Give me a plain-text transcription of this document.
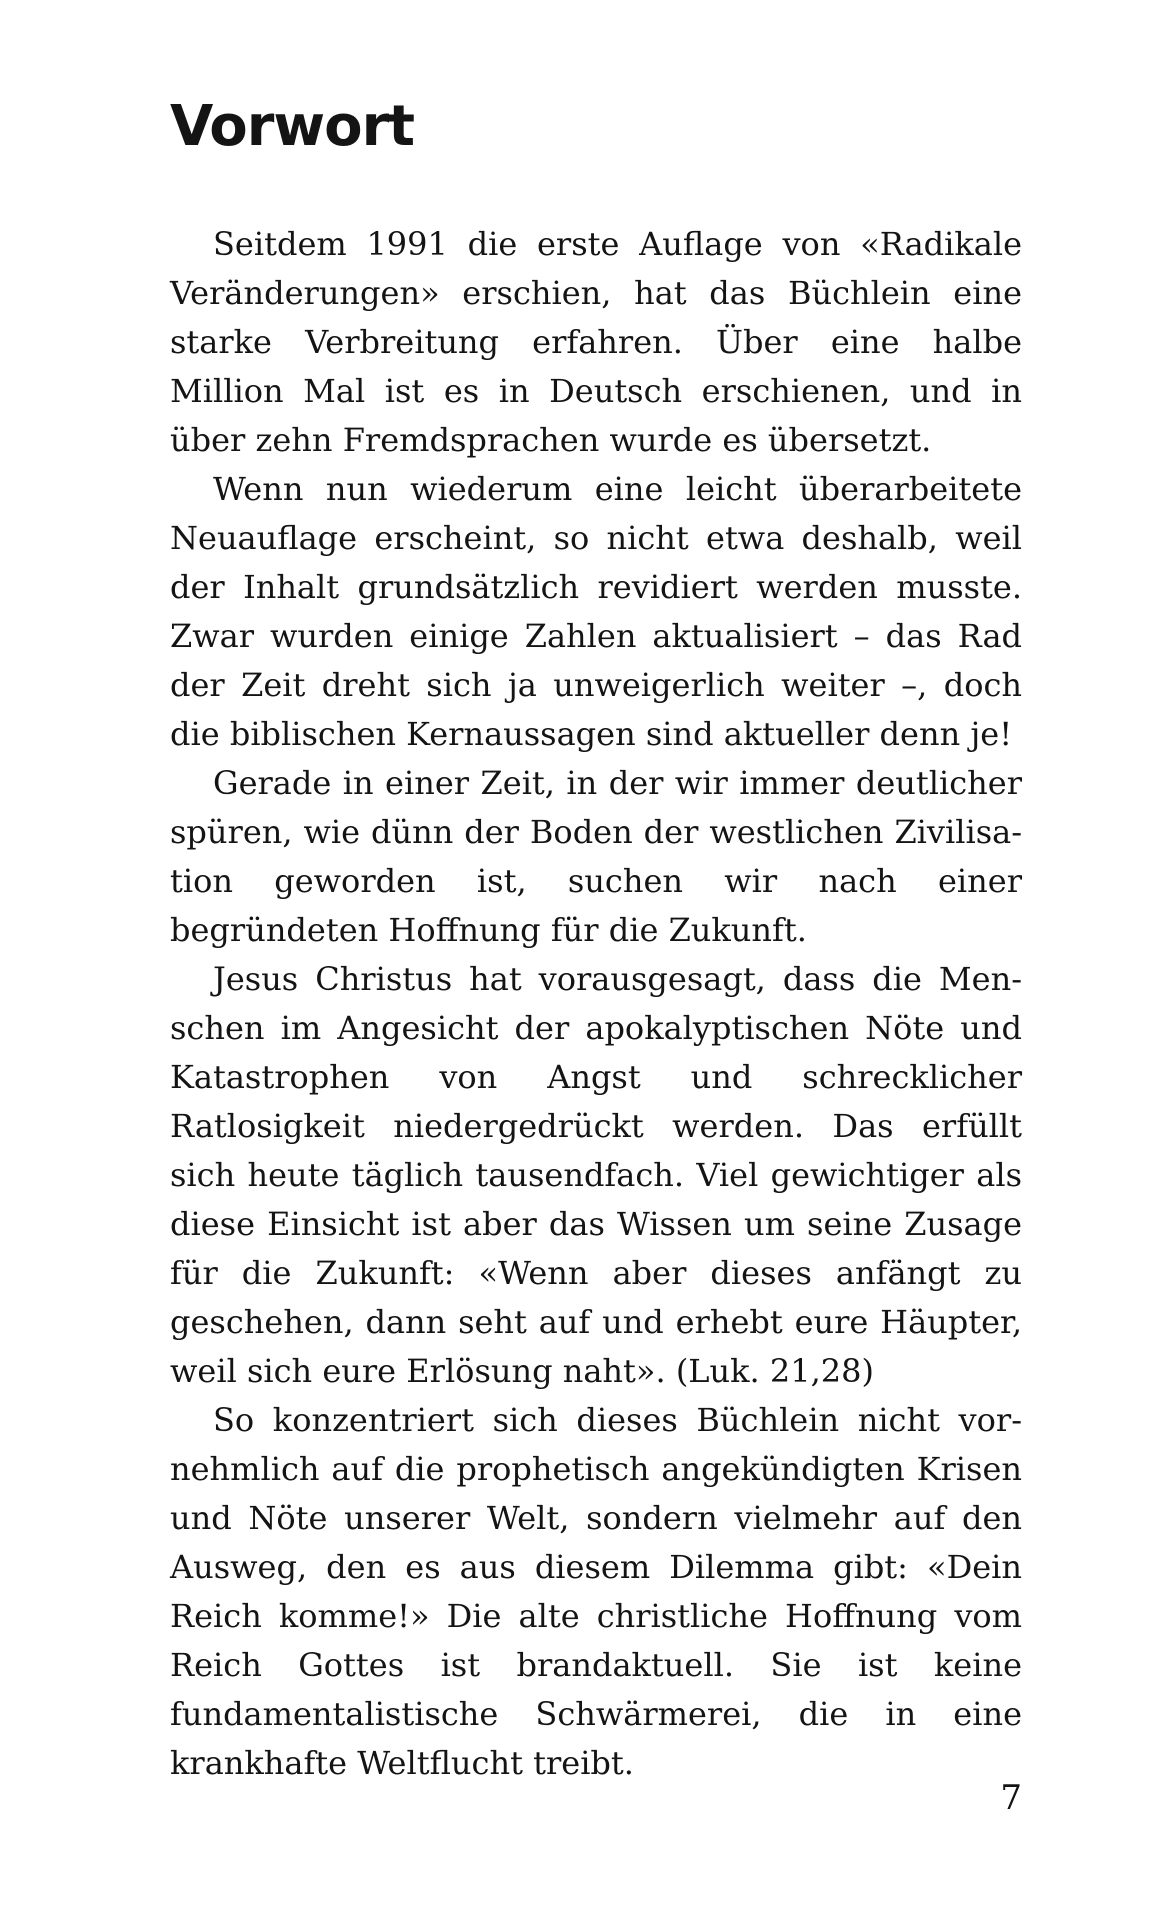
Vorwort

Seitdem 1991 die erste Auflage von «Radikale Veränderungen» erschien, hat das Büchlein eine starke Verbreitung erfahren. Über eine halbe Million Mal ist es in Deutsch erschienen, und in über zehn Fremdsprachen wurde es übersetzt.

Wenn nun wiederum eine leicht überarbeitete Neuauflage erscheint, so nicht etwa deshalb, weil der Inhalt grundsätzlich revidiert werden musste. Zwar wurden einige Zahlen aktualisiert – das Rad der Zeit dreht sich ja unweigerlich weiter –, doch die biblischen Kernaussagen sind aktueller denn je!

Gerade in einer Zeit, in der wir immer deutlicher spüren, wie dünn der Boden der westlichen Zivilisation geworden ist, suchen wir nach einer begründeten Hoffnung für die Zukunft.

Jesus Christus hat vorausgesagt, dass die Menschen im Angesicht der apokalyptischen Nöte und Katastrophen von Angst und schrecklicher Ratlosigkeit niedergedrückt werden. Das erfüllt sich heute täglich tausendfach. Viel gewichtiger als diese Einsicht ist aber das Wissen um seine Zusage für die Zukunft: «Wenn aber dieses anfängt zu geschehen, dann seht auf und erhebt eure Häupter, weil sich eure Erlösung naht». (Luk. 21,28)

So konzentriert sich dieses Büchlein nicht vornehmlich auf die prophetisch angekündigten Krisen und Nöte unserer Welt, sondern vielmehr auf den Ausweg, den es aus diesem Dilemma gibt: «Dein Reich komme!» Die alte christliche Hoffnung vom Reich Gottes ist brandaktuell. Sie ist keine fundamentalistische Schwärmerei, die in eine krankhafte Weltflucht treibt.

7
